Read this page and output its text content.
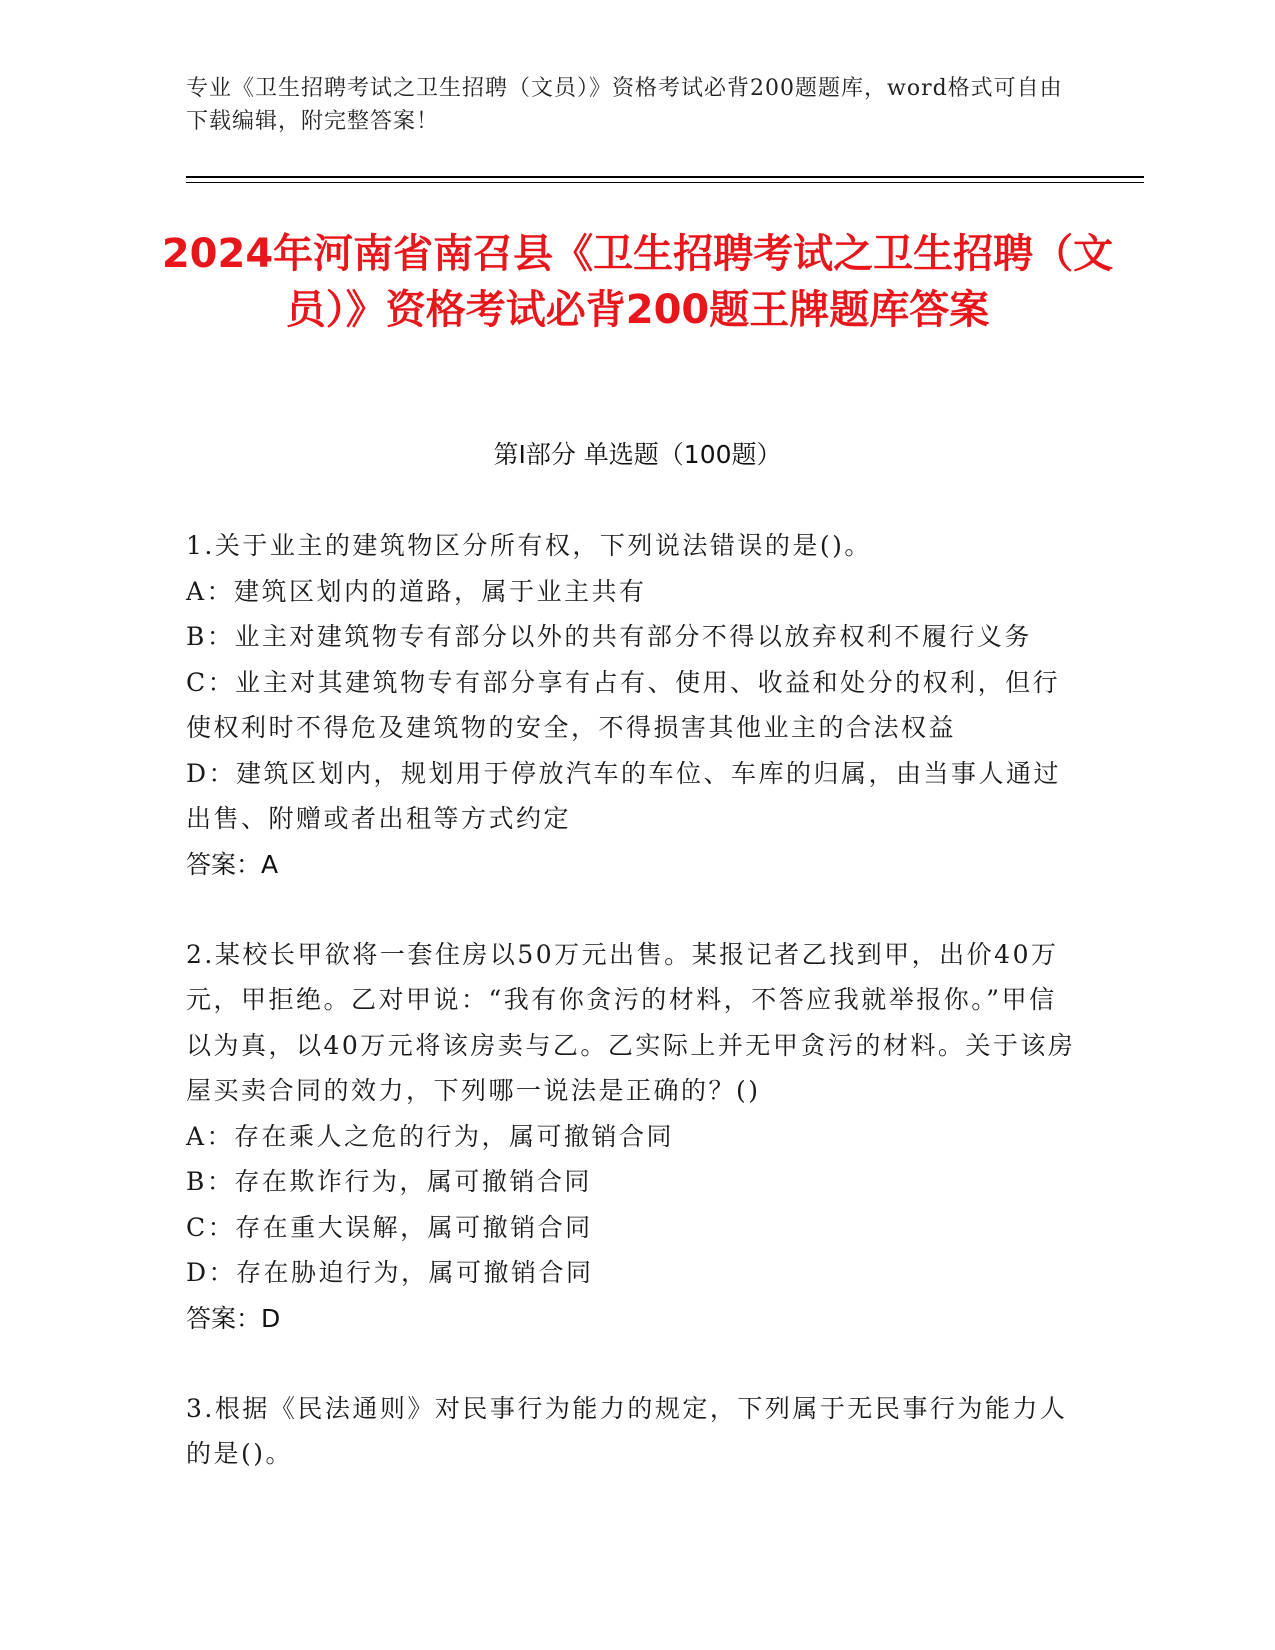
专业《卫生招聘考试之卫生招聘（文员）》资格考试必背200题题库，word格式可自由下载编辑，附完整答案！
2024年河南省南召县《卫生招聘考试之卫生招聘（文员）》资格考试必背200题王牌题库答案
第Ⅰ部分 单选题（100题）
1.关于业主的建筑物区分所有权，下列说法错误的是()。
A：建筑区划内的道路，属于业主共有
B：业主对建筑物专有部分以外的共有部分不得以放弃权利不履行义务
C：业主对其建筑物专有部分享有占有、使用、收益和处分的权利，但行使权利时不得危及建筑物的安全，不得损害其他业主的合法权益
D：建筑区划内，规划用于停放汽车的车位、车库的归属，由当事人通过出售、附赠或者出租等方式约定
答案：A
2.某校长甲欲将一套住房以50万元出售。某报记者乙找到甲，出价40万元，甲拒绝。乙对甲说：“我有你贪污的材料，不答应我就举报你。”甲信以为真，以40万元将该房卖与乙。乙实际上并无甲贪污的材料。关于该房屋买卖合同的效力，下列哪一说法是正确的？()
A：存在乘人之危的行为，属可撤销合同
B：存在欺诈行为，属可撤销合同
C：存在重大误解，属可撤销合同
D：存在胁迫行为，属可撤销合同
答案：D
3.根据《民法通则》对民事行为能力的规定，下列属于无民事行为能力人的是()。
